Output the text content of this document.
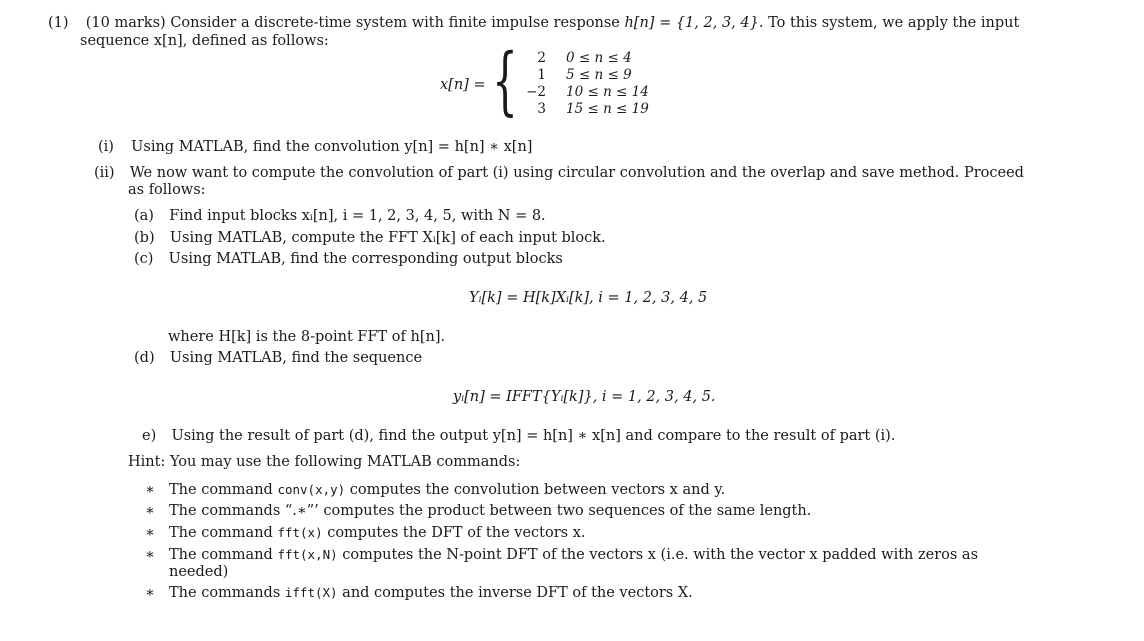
(1) (10 marks) Consider a discrete-time system with finite impulse response h[n] = {1, 2, 3, 4}. To this system, we apply the input
sequence x[n], defined as follows:
x[n] = {	2 0 ≤ n ≤ 4
1 5 ≤ n ≤ 9
−2 10 ≤ n ≤ 14
3 15 ≤ n ≤ 19
(i) Using MATLAB, find the convolution y[n] = h[n] ∗ x[n]
(ii) We now want to compute the convolution of part (i) using circular convolution and the overlap and save method. Proceed
as follows:
(a) Find input blocks xᵢ[n], i = 1, 2, 3, 4, 5, with N = 8.
(b) Using MATLAB, compute the FFT Xᵢ[k] of each input block.
(c) Using MATLAB, find the corresponding output blocks
Yᵢ[k] = H[k]Xᵢ[k], i = 1, 2, 3, 4, 5
where H[k] is the 8-point FFT of h[n].
(d) Using MATLAB, find the sequence
yᵢ[n] = IFFT{Yᵢ[k]}, i = 1, 2, 3, 4, 5.
e) Using the result of part (d), find the output y[n] = h[n] ∗ x[n] and compare to the result of part (i).
Hint: You may use the following MATLAB commands:
∗ The command conv(x,y) computes the convolution between vectors x and y.
∗ The commands “.∗”’ computes the product between two sequences of the same length.
∗ The command fft(x) computes the DFT of the vectors x.
∗ The command fft(x,N) computes the N-point DFT of the vectors x (i.e. with the vector x padded with zeros as
needed)
∗ The commands ifft(X) and computes the inverse DFT of the vectors X.
